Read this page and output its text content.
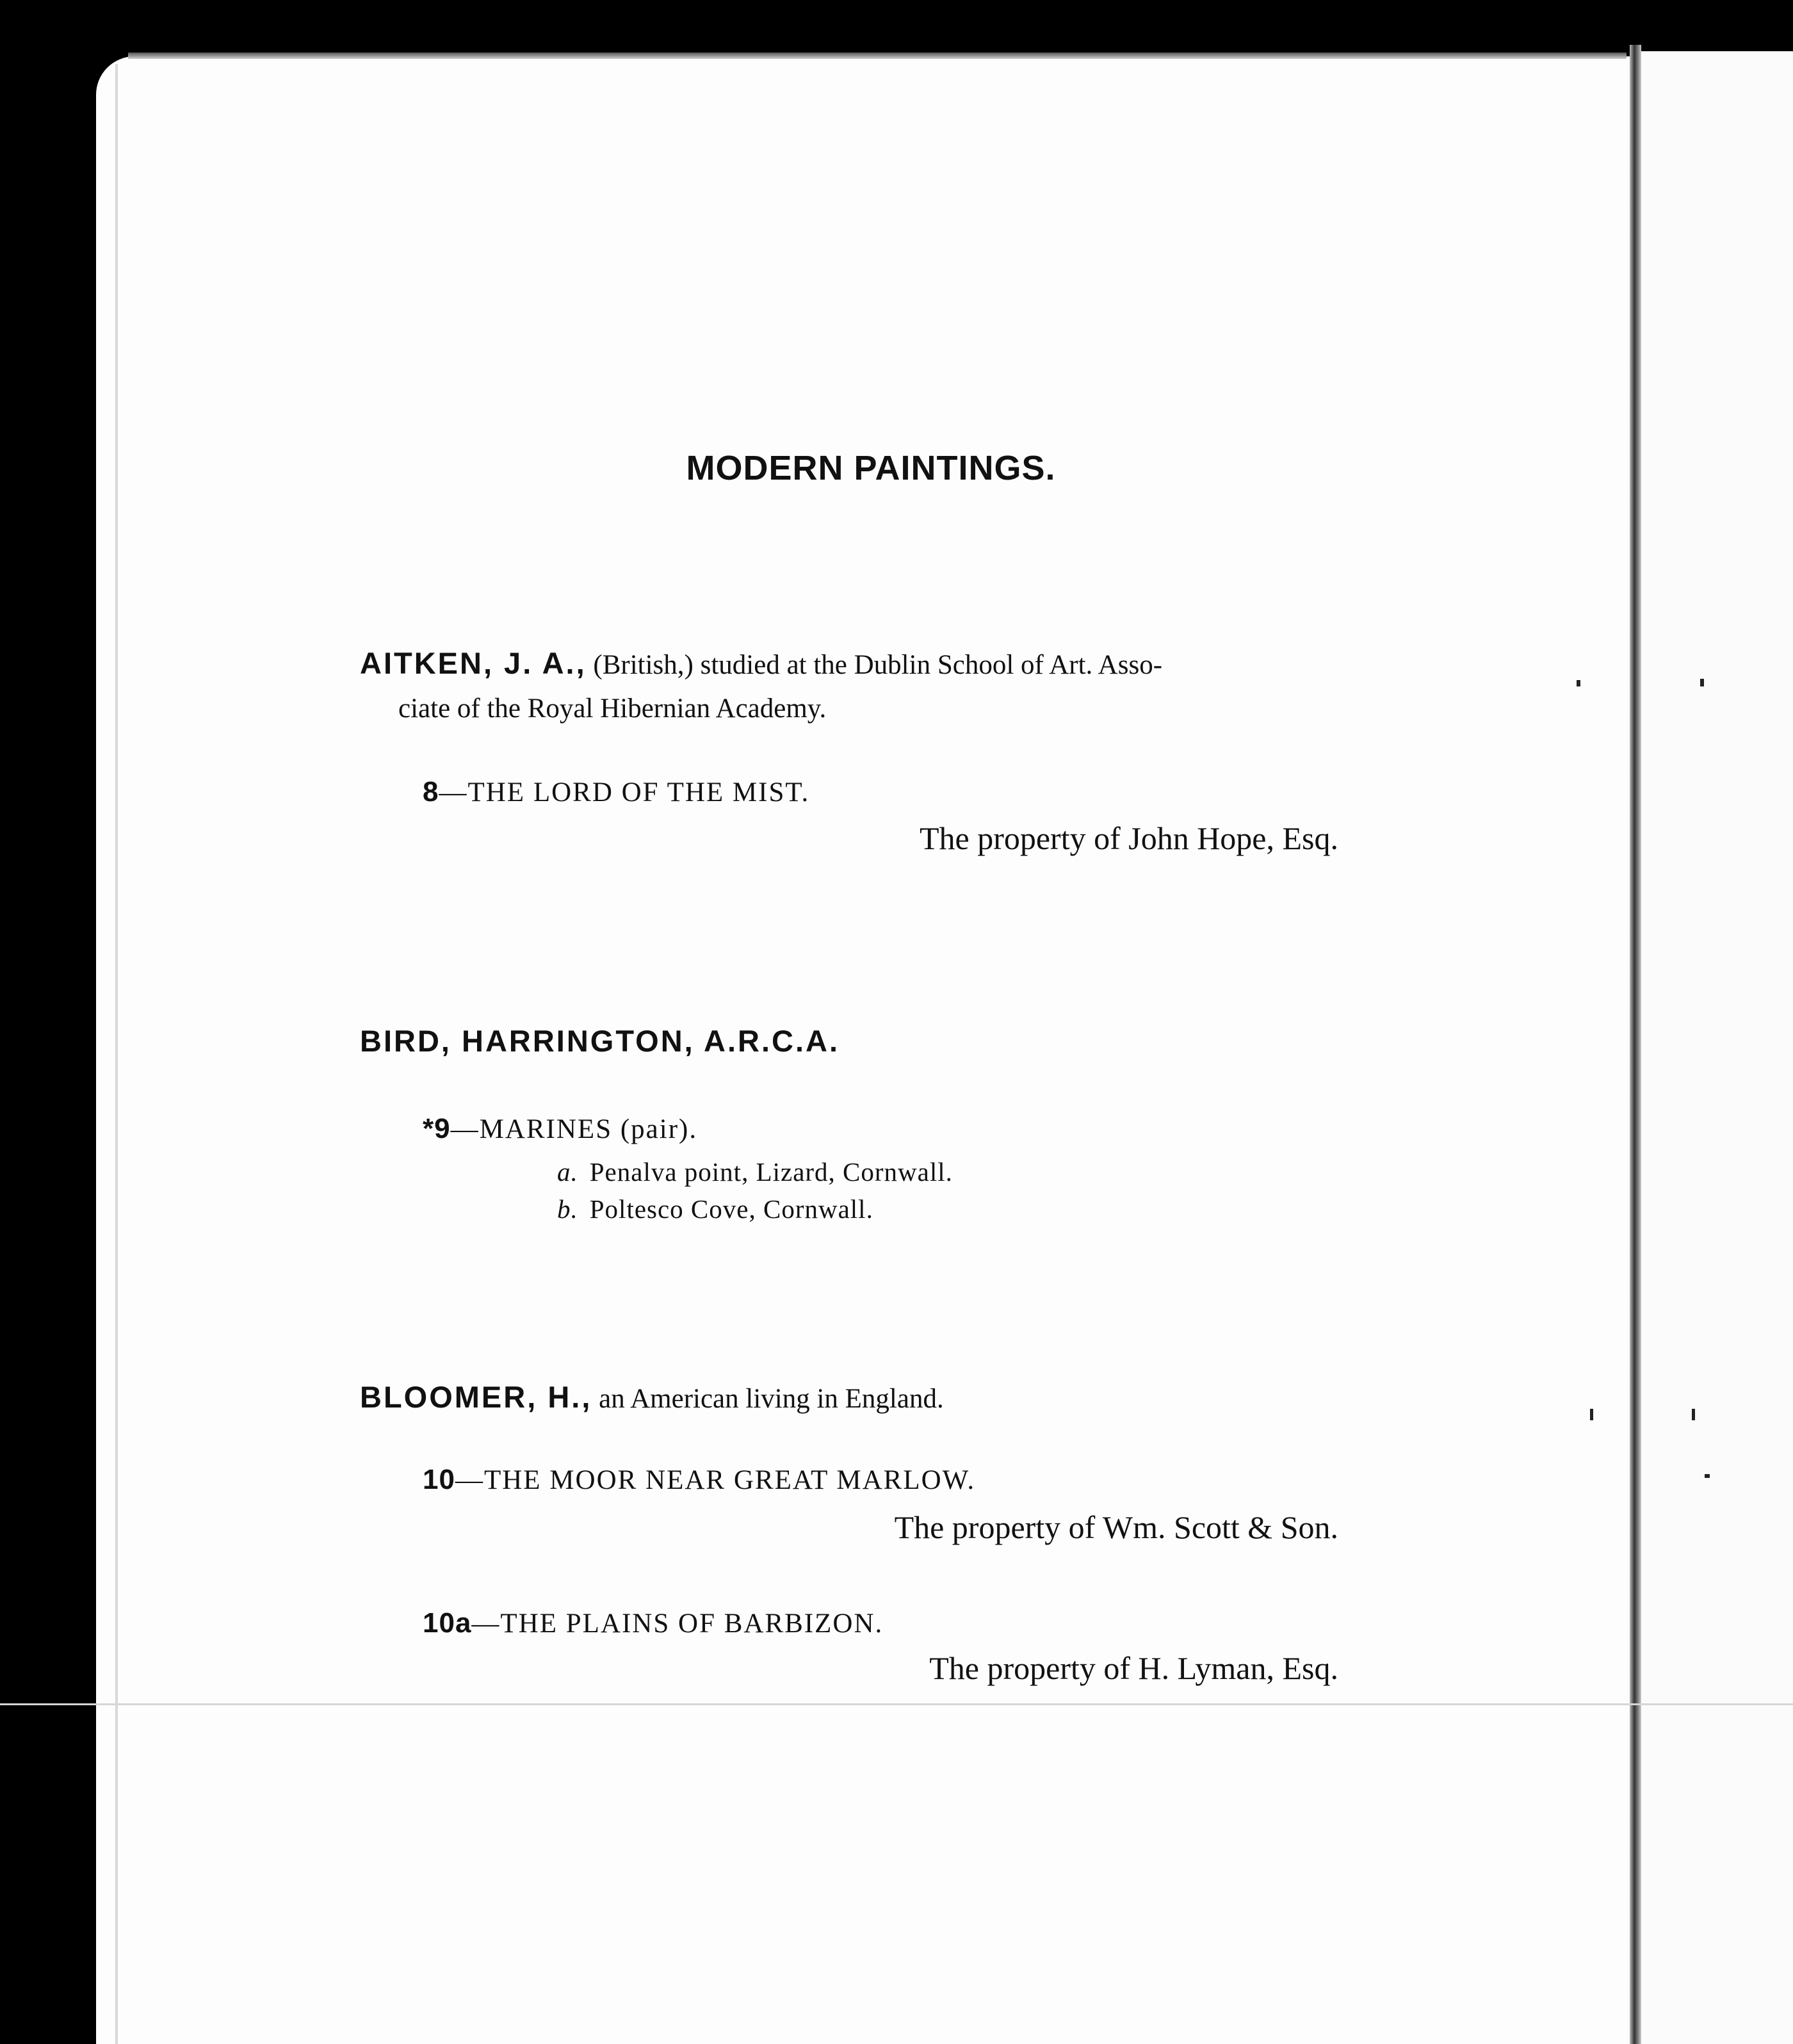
MODERN PAINTINGS.
AITKEN, J. A., (British,) studied at the Dublin School of Art. Asso-
ciate of the Royal Hibernian Academy.
8—THE LORD OF THE MIST.
The property of John Hope, Esq.
BIRD, HARRINGTON, A.R.C.A.
*9—MARINES (pair).
a. Penalva point, Lizard, Cornwall.
b. Poltesco Cove, Cornwall.
BLOOMER, H., an American living in England.
10—THE MOOR NEAR GREAT MARLOW.
The property of Wm. Scott & Son.
10a—THE PLAINS OF BARBIZON.
The property of H. Lyman, Esq.
